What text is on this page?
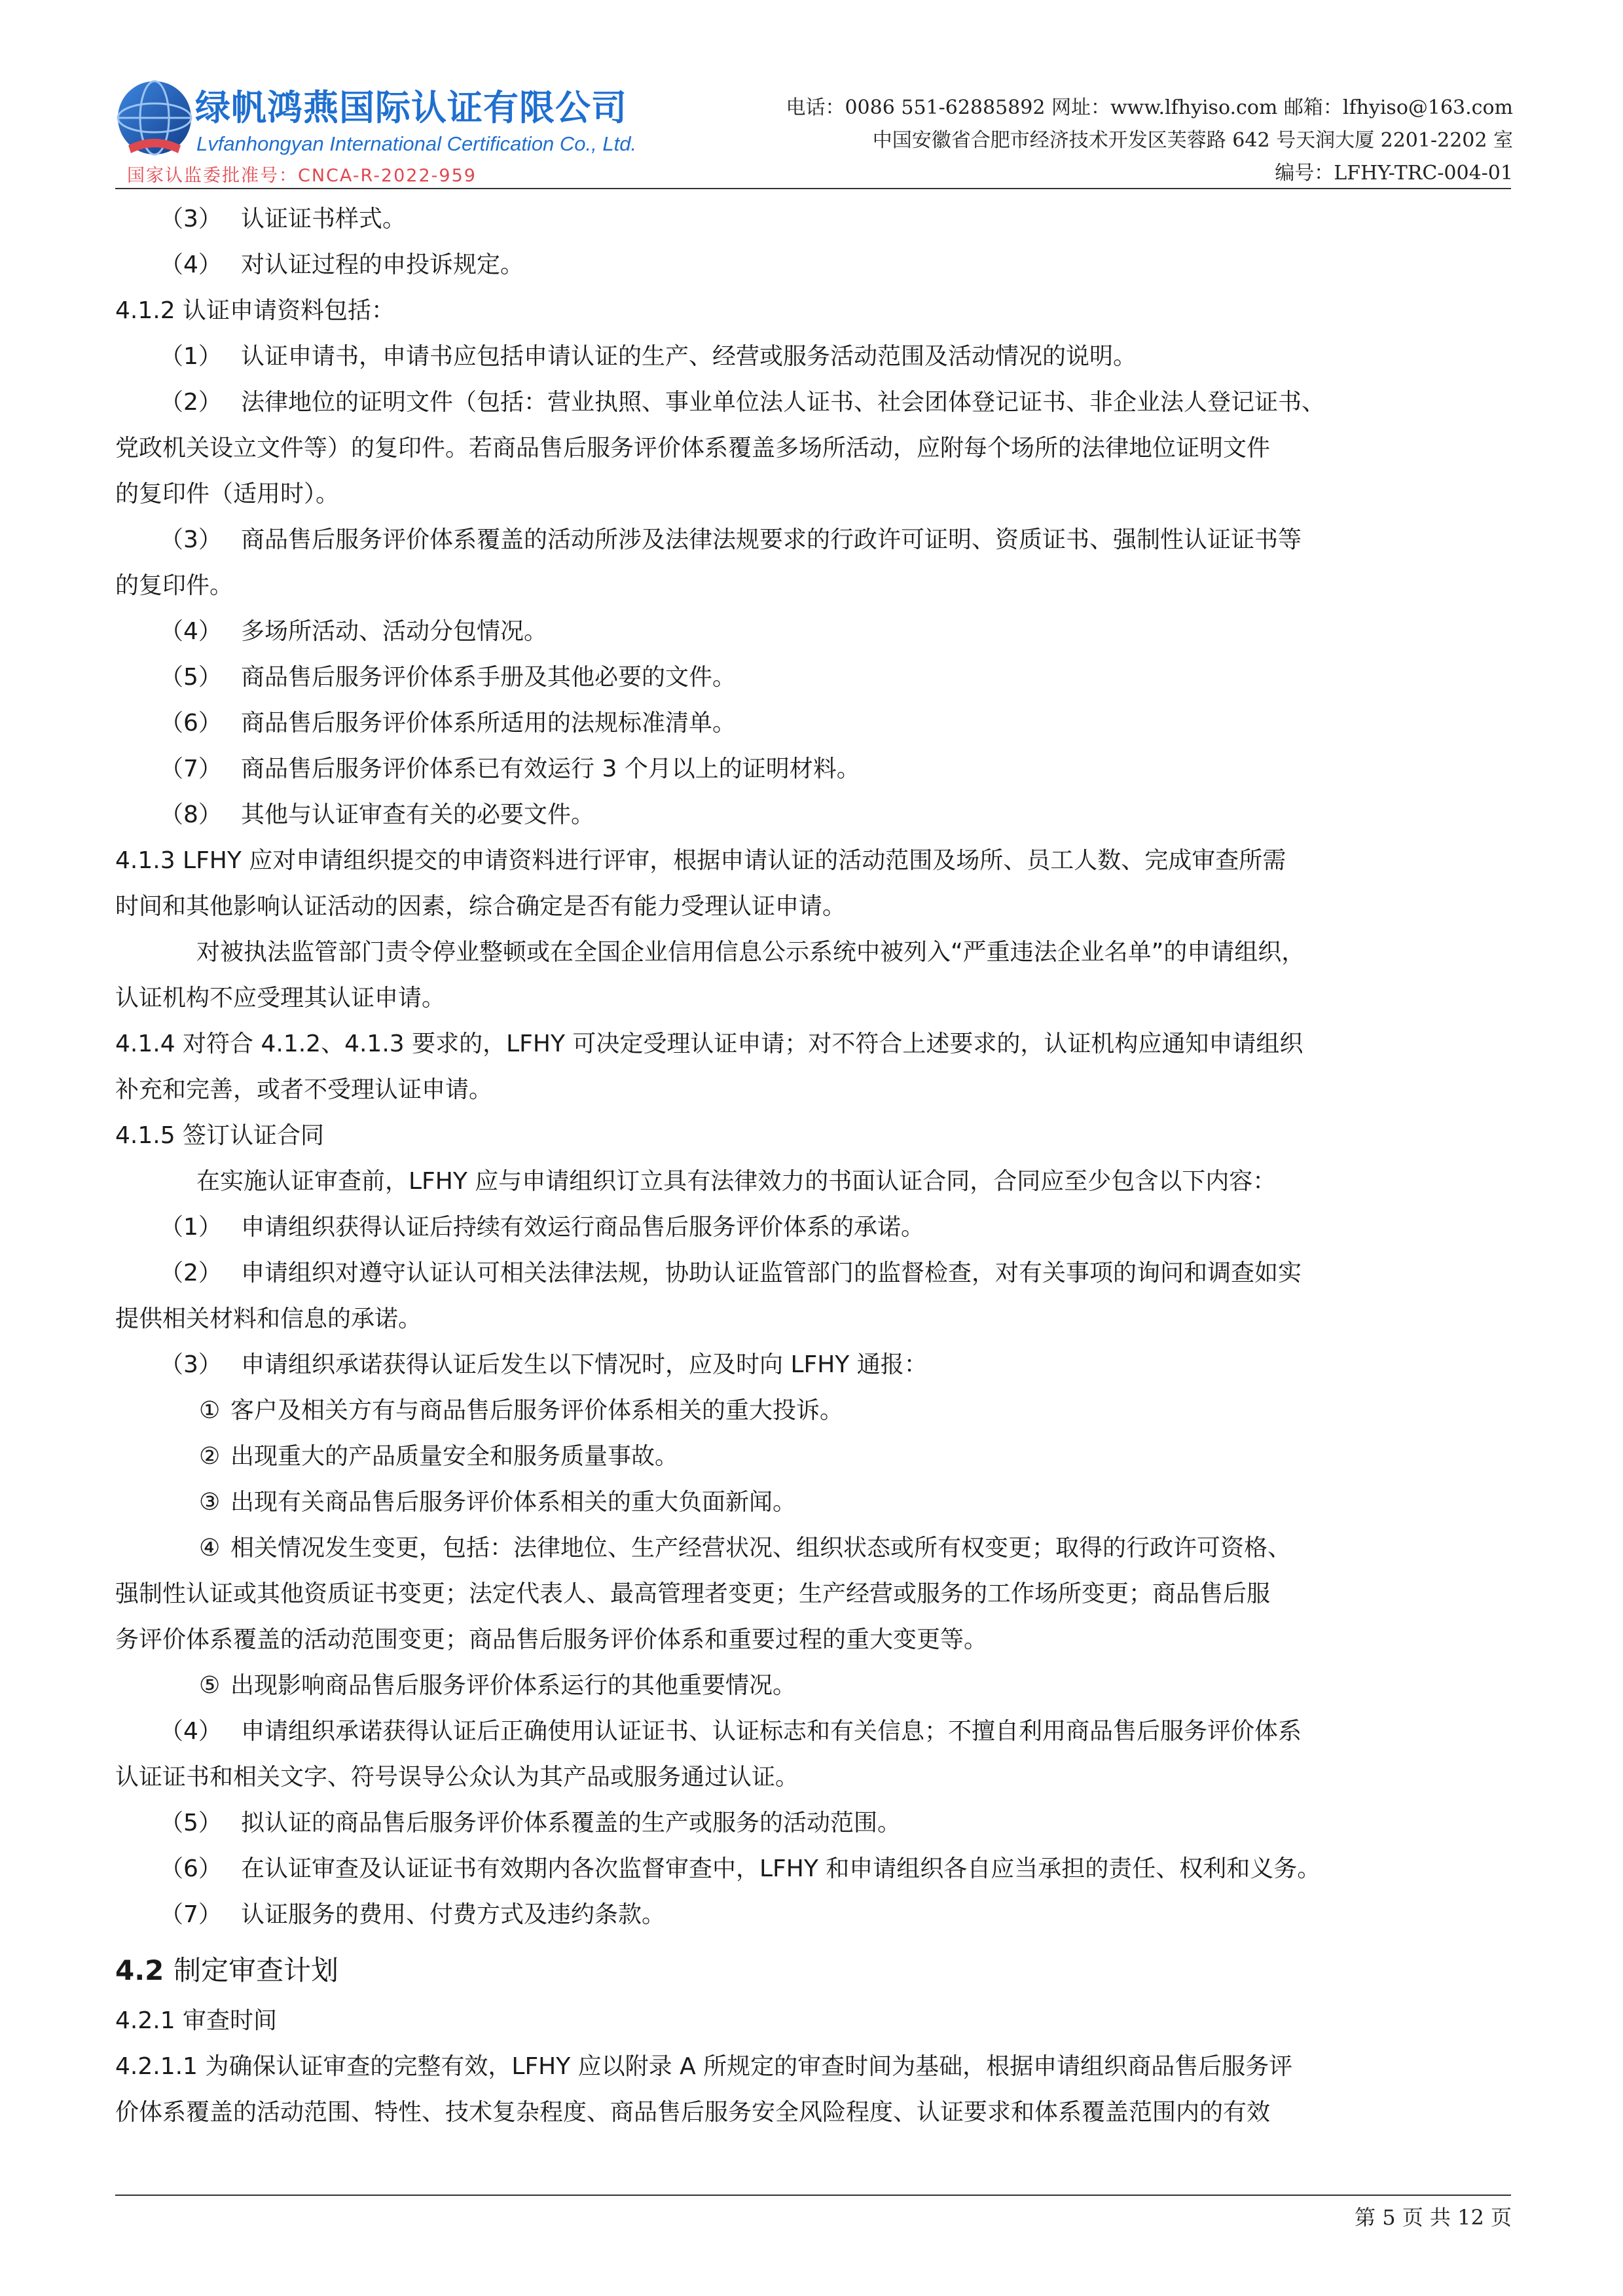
绿帆鸿燕国际认证有限公司
Lvfanhongyan International Certification Co., Ltd.
国家认监委批准号：CNCA-R-2022-959
电话：0086 551-62885892 网址：www.lfhyiso.com 邮箱：lfhyiso@163.com
中国安徽省合肥市经济技术开发区芙蓉路 642 号天润大厦 2201-2202 室
编号：LFHY-TRC-004-01
（3） 认证证书样式。
（4） 对认证过程的申投诉规定。
4.1.2 认证申请资料包括：
（1） 认证申请书，申请书应包括申请认证的生产、经营或服务活动范围及活动情况的说明。
（2） 法律地位的证明文件（包括：营业执照、事业单位法人证书、社会团体登记证书、非企业法人登记证书、
党政机关设立文件等）的复印件。若商品售后服务评价体系覆盖多场所活动，应附每个场所的法律地位证明文件
的复印件（适用时）。
（3） 商品售后服务评价体系覆盖的活动所涉及法律法规要求的行政许可证明、资质证书、强制性认证证书等
的复印件。
（4） 多场所活动、活动分包情况。
（5） 商品售后服务评价体系手册及其他必要的文件。
（6） 商品售后服务评价体系所适用的法规标准清单。
（7） 商品售后服务评价体系已有效运行 3 个月以上的证明材料。
（8） 其他与认证审查有关的必要文件。
4.1.3 LFHY 应对申请组织提交的申请资料进行评审，根据申请认证的活动范围及场所、员工人数、完成审查所需
时间和其他影响认证活动的因素，综合确定是否有能力受理认证申请。
对被执法监管部门责令停业整顿或在全国企业信用信息公示系统中被列入“严重违法企业名单”的申请组织，
认证机构不应受理其认证申请。
4.1.4 对符合 4.1.2、4.1.3 要求的，LFHY 可决定受理认证申请；对不符合上述要求的，认证机构应通知申请组织
补充和完善，或者不受理认证申请。
4.1.5 签订认证合同
在实施认证审查前，LFHY 应与申请组织订立具有法律效力的书面认证合同，合同应至少包含以下内容：
（1） 申请组织获得认证后持续有效运行商品售后服务评价体系的承诺。
（2） 申请组织对遵守认证认可相关法律法规，协助认证监管部门的监督检查，对有关事项的询问和调查如实
提供相关材料和信息的承诺。
（3） 申请组织承诺获得认证后发生以下情况时，应及时向 LFHY 通报：
① 客户及相关方有与商品售后服务评价体系相关的重大投诉。
② 出现重大的产品质量安全和服务质量事故。
③ 出现有关商品售后服务评价体系相关的重大负面新闻。
④ 相关情况发生变更，包括：法律地位、生产经营状况、组织状态或所有权变更；取得的行政许可资格、
强制性认证或其他资质证书变更；法定代表人、最高管理者变更；生产经营或服务的工作场所变更；商品售后服
务评价体系覆盖的活动范围变更；商品售后服务评价体系和重要过程的重大变更等。
⑤ 出现影响商品售后服务评价体系运行的其他重要情况。
（4） 申请组织承诺获得认证后正确使用认证证书、认证标志和有关信息；不擅自利用商品售后服务评价体系
认证证书和相关文字、符号误导公众认为其产品或服务通过认证。
（5） 拟认证的商品售后服务评价体系覆盖的生产或服务的活动范围。
（6） 在认证审查及认证证书有效期内各次监督审查中，LFHY 和申请组织各自应当承担的责任、权利和义务。
（7） 认证服务的费用、付费方式及违约条款。
4.2 制定审查计划
4.2.1 审查时间
4.2.1.1 为确保认证审查的完整有效，LFHY 应以附录 A 所规定的审查时间为基础，根据申请组织商品售后服务评
价体系覆盖的活动范围、特性、技术复杂程度、商品售后服务安全风险程度、认证要求和体系覆盖范围内的有效
第 5 页 共 12 页
